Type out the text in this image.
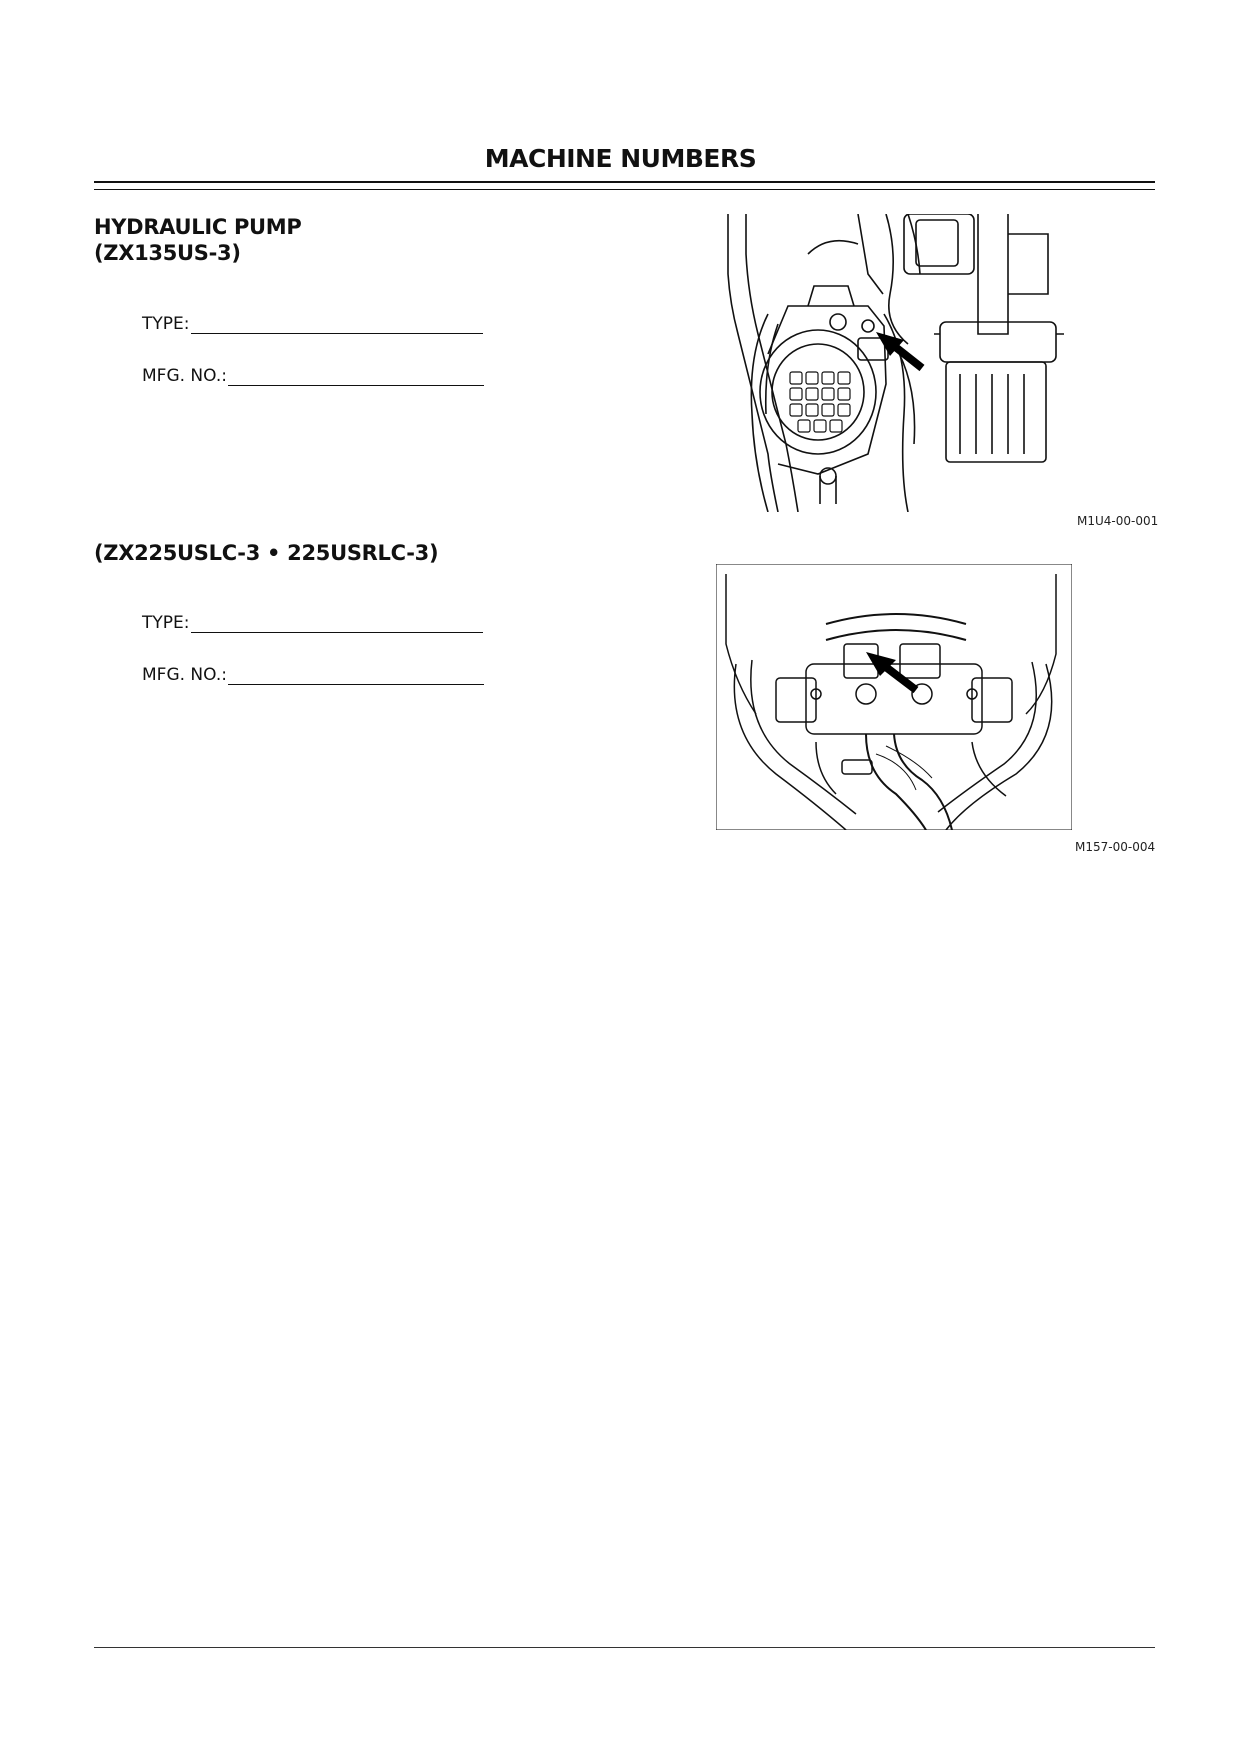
MACHINE NUMBERS
HYDRAULIC PUMP
(ZX135US-3)
TYPE:
MFG. NO.:
M1U4-00-001
(ZX225USLC-3 • 225USRLC-3)
TYPE:
MFG. NO.:
M157-00-004
